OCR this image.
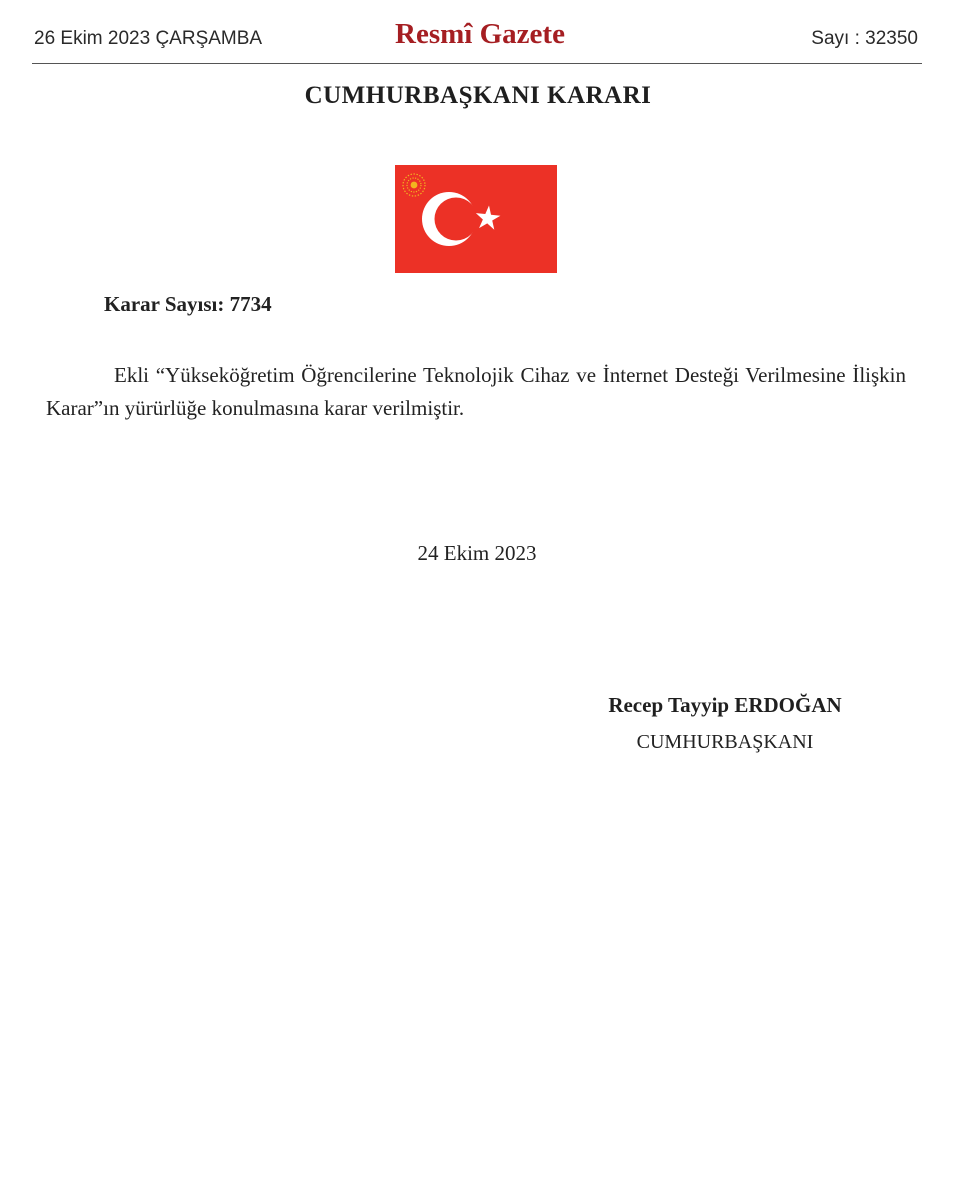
26 Ekim 2023 ÇARŞAMBA	Resmî Gazete	Sayı : 32350
CUMHURBAŞKANI KARARI
Karar Sayısı: 7734

Ekli “Yükseköğretim Öğrencilerine Teknolojik Cihaz ve İnternet Desteği Verilmesine İlişkin Karar”ın yürürlüğe konulmasına karar verilmiştir.

24 Ekim 2023
Recep Tayyip ERDOĞAN
CUMHURBAŞKANI
